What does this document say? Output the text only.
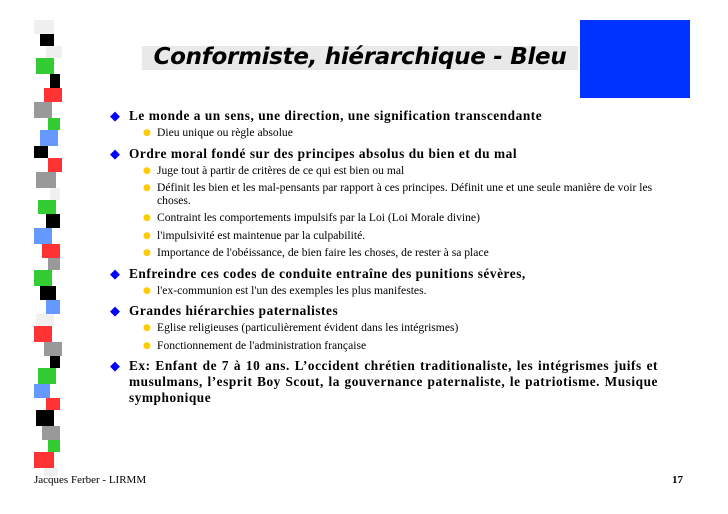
Conformiste, hiérarchique - Bleu
◆ Le monde a un sens, une direction, une signification transcendante
● Dieu unique ou règle absolue
◆ Ordre moral fondé sur des principes absolus du bien et du mal
● Juge tout à partir de critères de ce qui est bien ou mal
● Définit les bien et les mal-pensants par rapport à ces principes. Définit une et une seule manière de voir les choses.
● Contraint les comportements impulsifs par la Loi (Loi Morale divine)
● l'impulsivité est maintenue par la culpabilité.
● Importance de l'obéissance, de bien faire les choses, de rester à sa place
◆ Enfreindre ces codes de conduite entraîne des punitions sévères,
● l'ex-communion est l'un des exemples les plus manifestes.
◆ Grandes hiérarchies paternalistes
● Eglise religieuses (particulièrement évident dans les intégrismes)
● Fonctionnement de l'administration française
◆ Ex: Enfant de 7 à 10 ans. L’occident chrétien traditionaliste, les intégrismes juifs et musulmans, l’esprit Boy Scout, la gouvernance paternaliste, le patriotisme. Musique symphonique
Jacques Ferber - LIRMM	17
